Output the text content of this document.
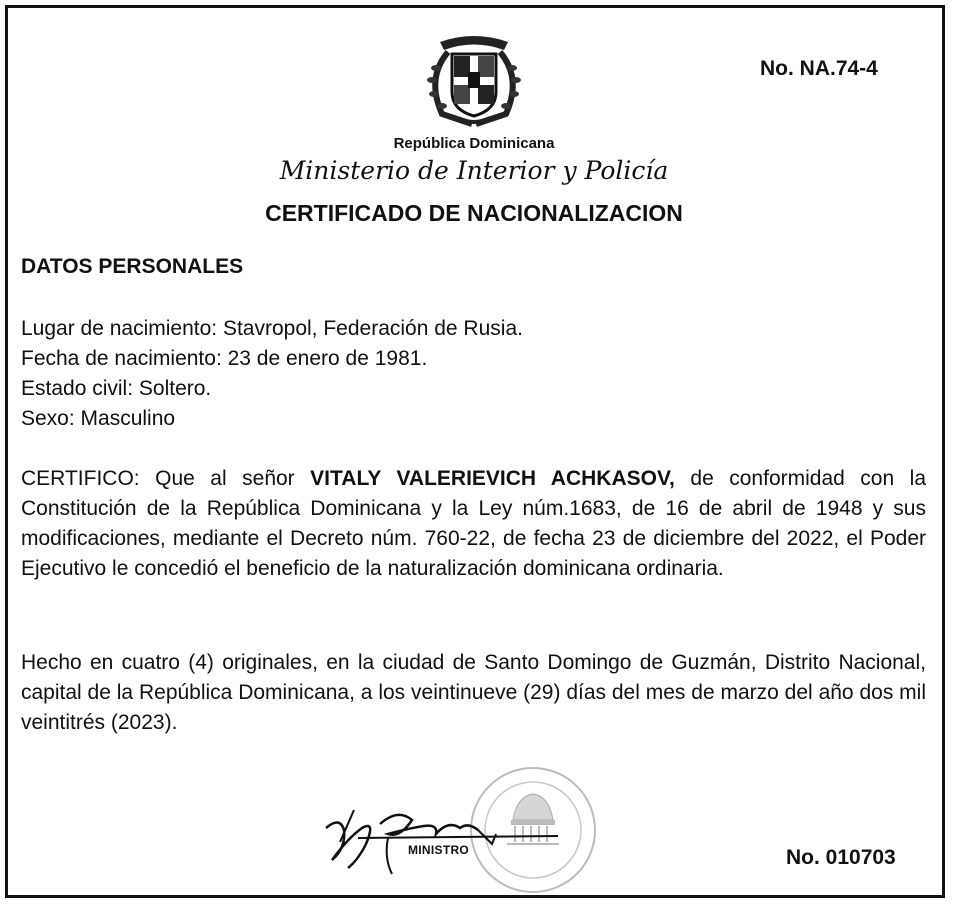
No. NA.74-4
República Dominicana
Ministerio de Interior y Policía
CERTIFICADO DE NACIONALIZACION
DATOS PERSONALES
Lugar de nacimiento: Stavropol, Federación de Rusia.
Fecha de nacimiento: 23 de enero de 1981.
Estado civil: Soltero.
Sexo: Masculino
CERTIFICO: Que al señor VITALY VALERIEVICH ACHKASOV, de conformidad con la Constitución de la República Dominicana y la Ley núm.1683, de 16 de abril de 1948 y sus modificaciones, mediante el Decreto núm. 760-22, de fecha 23 de diciembre del 2022, el Poder Ejecutivo le concedió el beneficio de la naturalización dominicana ordinaria.
Hecho en cuatro (4) originales, en la ciudad de Santo Domingo de Guzmán, Distrito Nacional, capital de la República Dominicana, a los veintinueve (29) días del mes de marzo del año dos mil veintitrés (2023).
MINISTRO	No. 010703
